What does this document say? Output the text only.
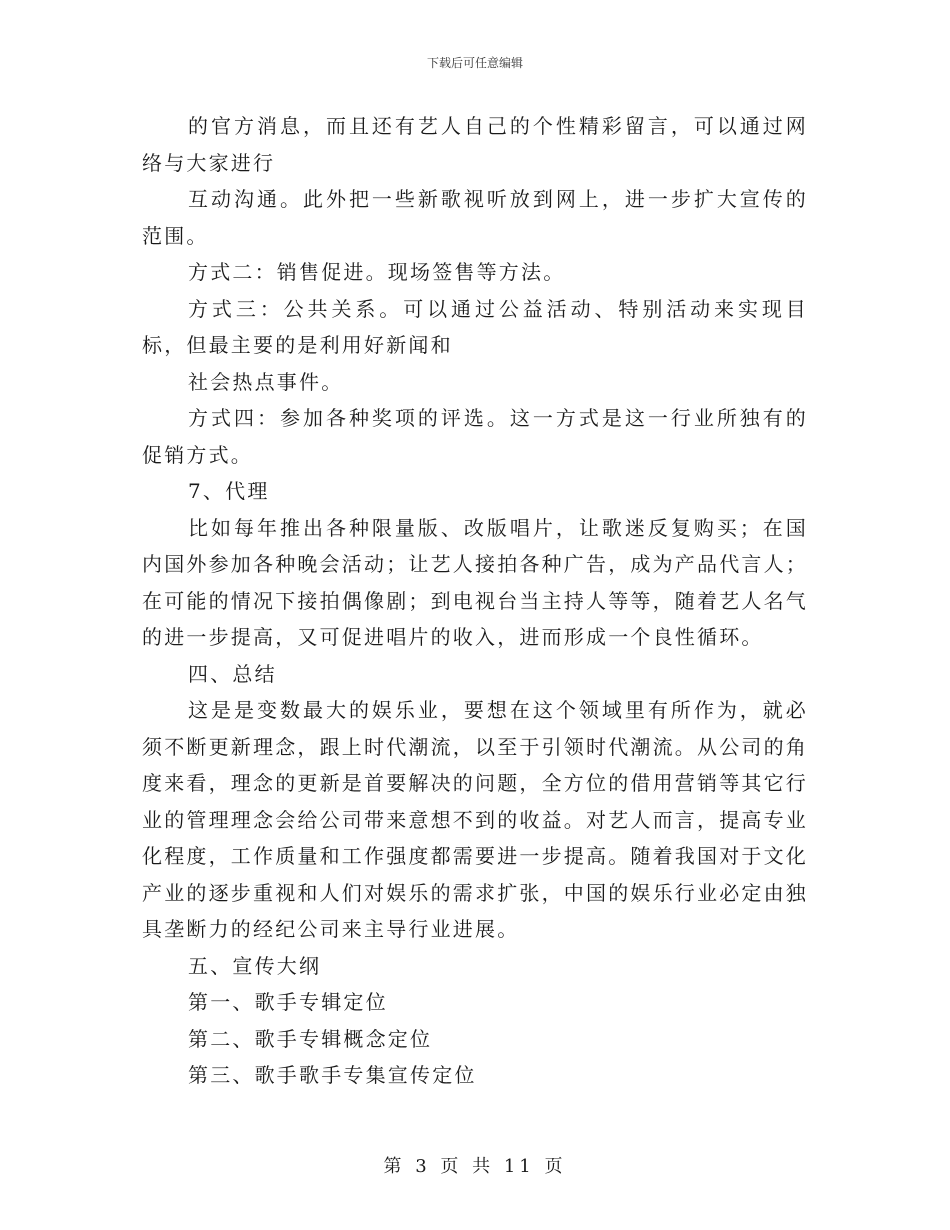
下载后可任意编辑

的官方消息，而且还有艺人自己的个性精彩留言，可以通过网络与大家进行

互动沟通。此外把一些新歌视听放到网上，进一步扩大宣传的范围。

方式二：销售促进。现场签售等方法。

方式三：公共关系。可以通过公益活动、特别活动来实现目标，但最主要的是利用好新闻和

社会热点事件。

方式四：参加各种奖项的评选。这一方式是这一行业所独有的促销方式。

7、代理

比如每年推出各种限量版、改版唱片，让歌迷反复购买；在国内国外参加各种晚会活动；让艺人接拍各种广告，成为产品代言人；在可能的情况下接拍偶像剧；到电视台当主持人等等，随着艺人名气的进一步提高，又可促进唱片的收入，进而形成一个良性循环。

四、总结

这是是变数最大的娱乐业，要想在这个领域里有所作为，就必须不断更新理念，跟上时代潮流，以至于引领时代潮流。从公司的角度来看，理念的更新是首要解决的问题，全方位的借用营销等其它行业的管理理念会给公司带来意想不到的收益。对艺人而言，提高专业化程度，工作质量和工作强度都需要进一步提高。随着我国对于文化产业的逐步重视和人们对娱乐的需求扩张，中国的娱乐行业必定由独具垄断力的经纪公司来主导行业进展。

五、宣传大纲

第一、歌手专辑定位

第二、歌手专辑概念定位

第三、歌手歌手专集宣传定位

第 3 页 共 11 页
